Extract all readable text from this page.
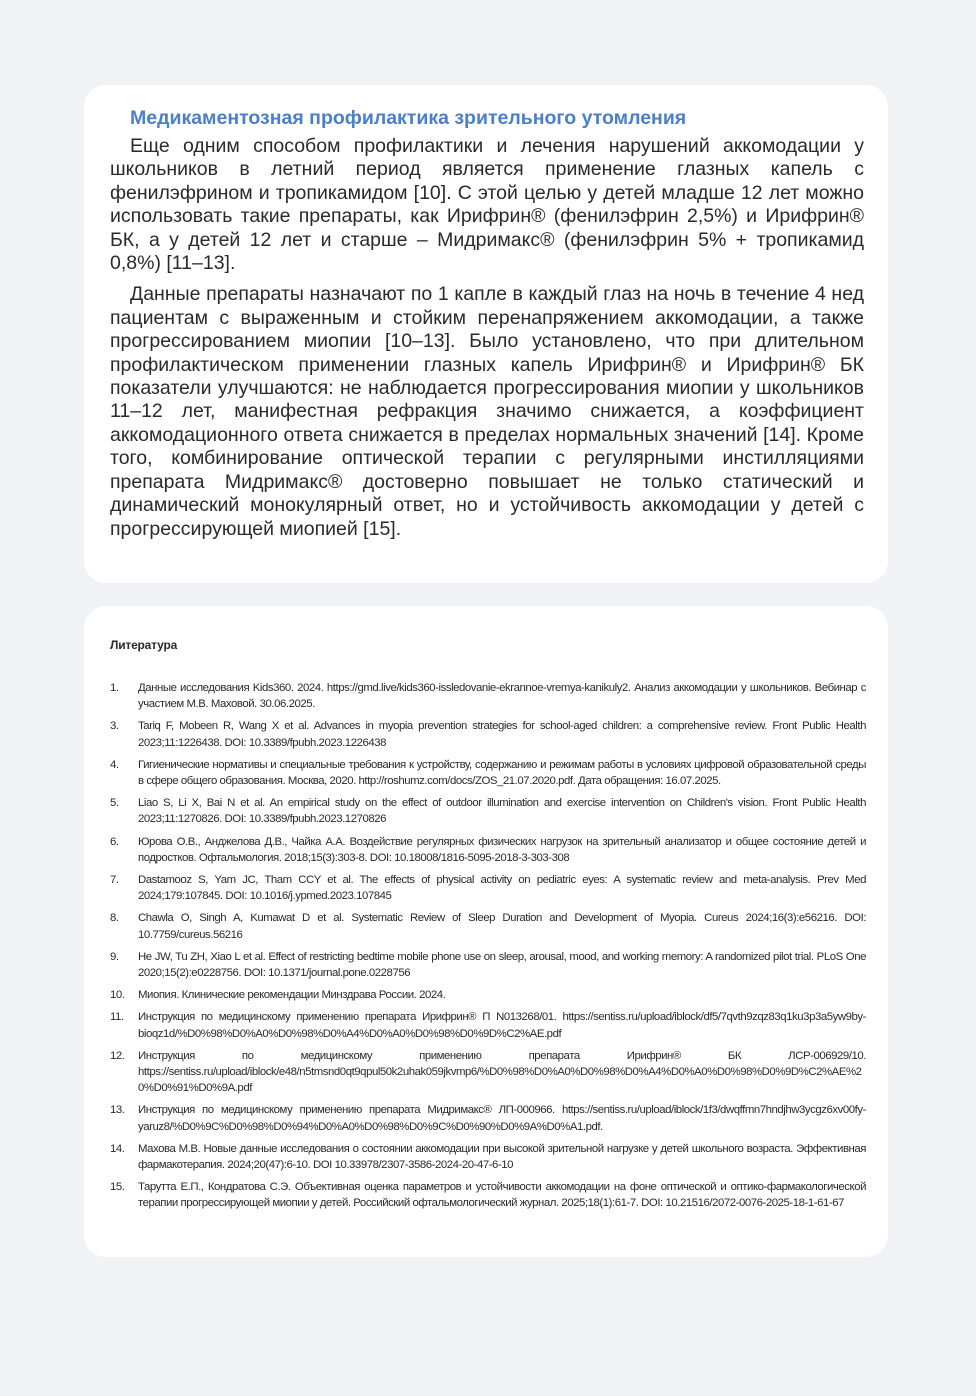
Медикаментозная профилактика зрительного утомления

Еще одним способом профилактики и лечения нарушений аккомодации у школьников в летний период является применение глазных капель с фенилэфрином и тропикамидом [10]. С этой целью у детей младше 12 лет можно использовать такие препараты, как Ирифрин® (фенилэфрин 2,5%) и Ирифрин® БК, а у детей 12 лет и старше – Мидримакс® (фенилэфрин 5% + тропикамид 0,8%) [11–13].

Данные препараты назначают по 1 капле в каждый глаз на ночь в течение 4 нед пациентам с выраженным и стойким перенапряжением аккомодации, а также прогрессированием миопии [10–13]. Было установлено, что при длительном профилактическом применении глазных капель Ирифрин® и Ирифрин® БК показатели улучшаются: не наблюдается прогрессирования миопии у школьников 11–12 лет, манифестная рефракция значимо снижается, а коэффициент аккомодационного ответа снижается в пределах нормальных значений [14]. Кроме того, комбинирование оптической терапии с регулярными инстилляциями препарата Мидримакс® достоверно повышает не только статический и динамический монокулярный ответ, но и устойчивость аккомодации у детей с прогрессирующей миопией [15].

Литература
1.	Данные исследования Kids360. 2024. https://gmd.live/kids360-issledovanie-ekrannoe-vremya-kanikuly2. Анализ аккомодации у школьников. Вебинар с участием М.В. Маховой. 30.06.2025.
3.	Tariq F, Mobeen R, Wang X et al. Advances in myopia prevention strategies for school-aged children: a comprehensive review. Front Public Health 2023;11:1226438. DOI: 10.3389/fpubh.2023.1226438
4.	Гигиенические нормативы и специальные требования к устройству, содержанию и режимам работы в условиях цифровой образовательной среды в сфере общего образования. Москва, 2020. http://roshumz.com/docs/ZOS_21.07.2020.pdf. Дата обращения: 16.07.2025.
5.	Liao S, Li X, Bai N et al. An empirical study on the effect of outdoor illumination and exercise intervention on Children's vision. Front Public Health 2023;11:1270826. DOI: 10.3389/fpubh.2023.1270826
6.	Юрова О.В., Анджелова Д.В., Чайка А.А. Воздействие регулярных физических нагрузок на зрительный анализатор и общее состояние детей и подростков. Офтальмология. 2018;15(3):303-8. DOI: 10.18008/1816-5095-2018-3-303-308
7.	Dastamooz S, Yam JC, Tham CCY et al. The effects of physical activity on pediatric eyes: A systematic review and meta-analysis. Prev Med 2024;179:107845. DOI: 10.1016/j.ypmed.2023.107845
8.	Chawla O, Singh A, Kumawat D et al. Systematic Review of Sleep Duration and Development of Myopia. Cureus 2024;16(3):e56216. DOI: 10.7759/cureus.56216
9.	He JW, Tu ZH, Xiao L et al. Effect of restricting bedtime mobile phone use on sleep, arousal, mood, and working memory: A randomized pilot trial. PLoS One 2020;15(2):e0228756. DOI: 10.1371/journal.pone.0228756
10.	Миопия. Клинические рекомендации Минздрава России. 2024.
11.	Инструкция по медицинскому применению препарата Ирифрин® П N013268/01. https://sentiss.ru/upload/iblock/df5/7qvth9zqz83q1ku3p3a5yw9by-bioqz1d/%D0%98%D0%A0%D0%98%D0%A4%D0%A0%D0%98%D0%9D%C2%AE.pdf
12.	Инструкция по медицинскому применению препарата Ирифрин® БК ЛСР-006929/10. https://sentiss.ru/upload/iblock/e48/n5tmsnd0qt9qpul50k2uhak059jkvmp6/%D0%98%D0%A0%D0%98%D0%A4%D0%A0%D0%98%D0%9D%C2%AE%20%D0%91%D0%9A.pdf
13.	Инструкция по медицинскому применению препарата Мидримакс® ЛП-000966. https://sentiss.ru/upload/iblock/1f3/dwqffmn7hndjhw3ycgz6xv00fy-yaruz8/%D0%9C%D0%98%D0%94%D0%A0%D0%98%D0%9C%D0%90%D0%9A%D0%A1.pdf.
14.	Махова М.В. Новые данные исследования о состоянии аккомодации при высокой зрительной нагрузке у детей школьного возраста. Эффективная фармакотерапия. 2024;20(47):6-10. DOI 10.33978/2307-3586-2024-20-47-6-10
15.	Тарутта Е.П., Кондратова С.Э. Объективная оценка параметров и устойчивости аккомодации на фоне оптической и оптико-фармакологической терапии прогрессирующей миопии у детей. Российский офтальмологический журнал. 2025;18(1):61-7. DOI: 10.21516/2072-0076-2025-18-1-61-67
